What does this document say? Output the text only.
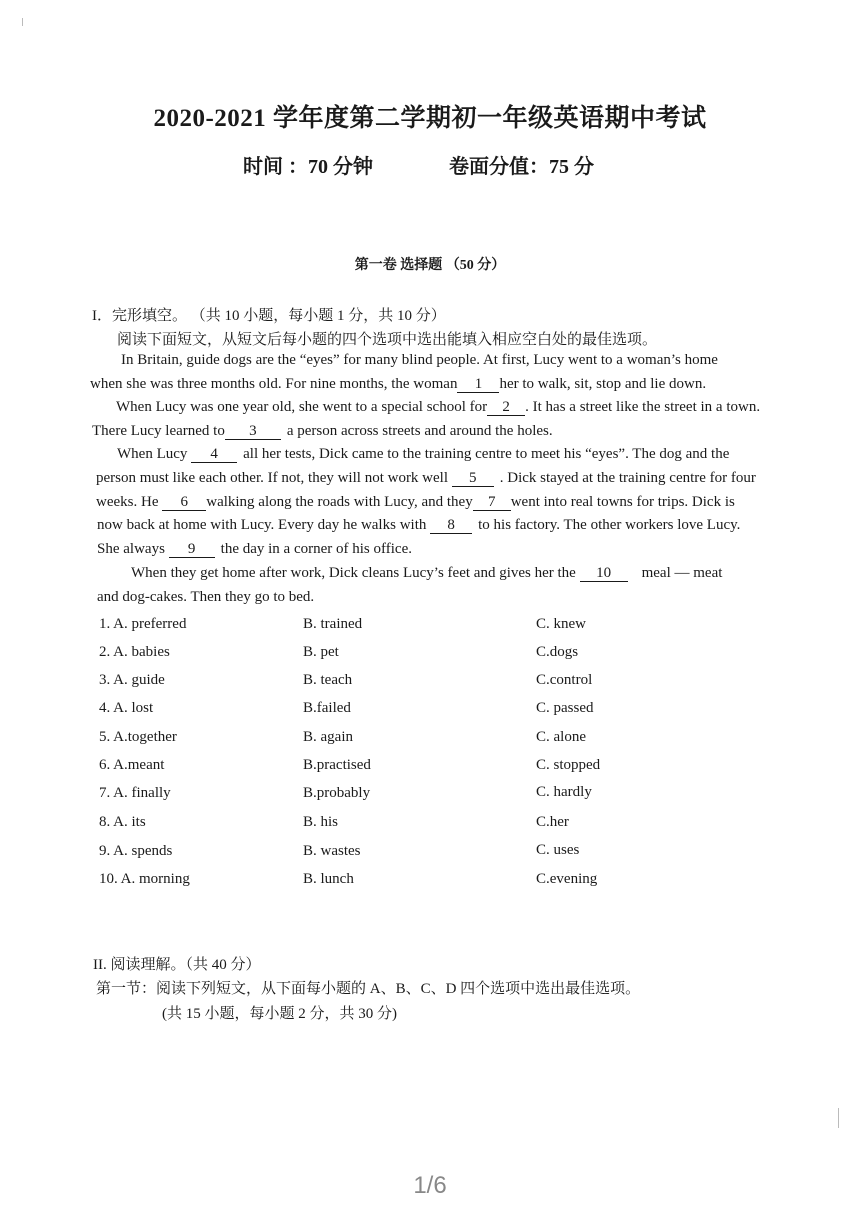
2020-2021 学年度第二学期初一年级英语期中考试
时间 ：70 分钟	卷面分值：75 分
第一卷 选择题 （50 分）
I．完形填空。 （共 10 小题，每小题 1 分，共 10 分）
阅读下面短文，从短文后每小题的四个选项中选出能填入相应空白处的最佳选项。
In Britain, guide dogs are the “eyes” for many blind people. At first, Lucy went to a woman’s home
when she was three months old. For nine months, the woman 1 her to walk, sit, stop and lie down.
When Lucy was one year old, she went to a special school for 2 . It has a street like the street in a town.
There Lucy learned to 3 a person across streets and around the holes.
When Lucy 4 all her tests, Dick came to the training centre to meet his “eyes”. The dog and the
person must like each other. If not, they will not work well 5 . Dick stayed at the training centre for four
weeks. He 6 walking along the roads with Lucy, and they 7 went into real towns for trips. Dick is
now back at home with Lucy. Every day he walks with 8 to his factory. The other workers love Lucy.
She always 9 the day in a corner of his office.
When they get home after work, Dick cleans Lucy’s feet and gives her the 10 meal — meat
and dog-cakes. Then they go to bed.
1. A. preferred	B. trained	C. knew
2. A. babies	B. pet	C.dogs
3. A. guide	B. teach	C.control
4. A. lost	B.failed	C. passed
5. A.together	B. again	C. alone
6. A.meant	B.practised	C. stopped
7. A. finally	B.probably	C. hardly
8. A. its	B. his	C.her
9. A. spends	B. wastes	C. uses
10. A. morning	B. lunch	C.evening
II. 阅读理解。（共 40 分）
第一节：阅读下列短文，从下面每小题的 A、B、C、D 四个选项中选出最佳选项。
(共 15 小题，每小题 2 分，共 30 分)
1/6
